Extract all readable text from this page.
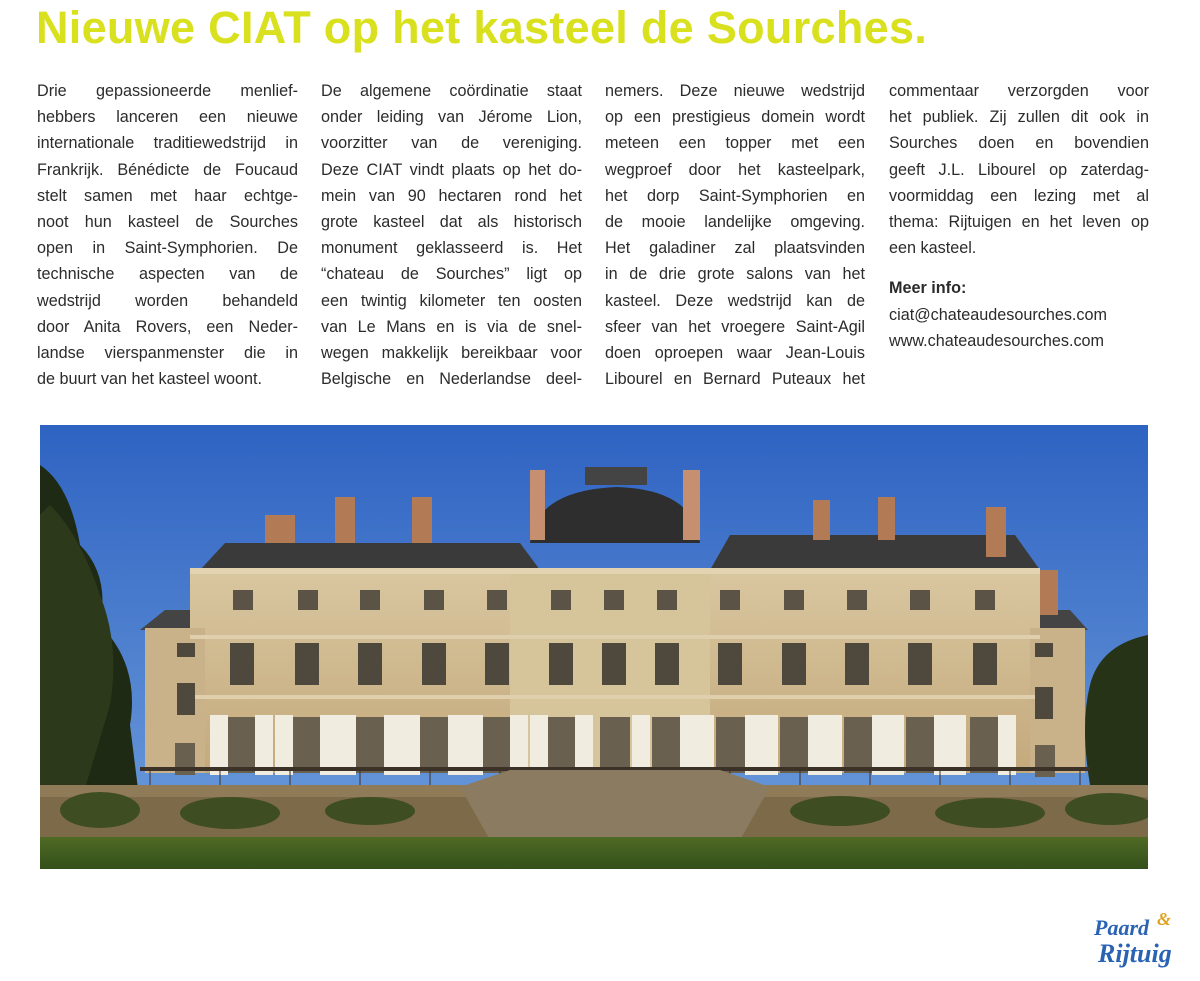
Nieuwe CIAT op het kasteel de Sourches.
Drie gepassioneerde menlief-
hebbers lanceren een nieuwe
internationale traditiewedstrijd in
Frankrijk. Bénédicte de Foucaud
stelt samen met haar echtge-
noot hun kasteel de Sourches
open in Saint-Symphorien. De
technische aspecten van de
wedstrijd worden behandeld
door Anita Rovers, een Neder-
landse vierspanmenster die in
de buurt van het kasteel woont.
De algemene coördinatie staat
onder leiding van Jérome Lion,
voorzitter van de vereniging.
Deze CIAT vindt plaats op het do-
mein van 90 hectaren rond het
grote kasteel dat als historisch
monument geklasseerd is. Het
“chateau de Sourches” ligt op
een twintig kilometer ten oosten
van Le Mans en is via de snel-
wegen makkelijk bereikbaar voor
Belgische en Nederlandse deel-
nemers. Deze nieuwe wedstrijd
op een prestigieus domein wordt
meteen een topper met een
wegproef door het kasteelpark,
het dorp Saint-Symphorien en
de mooie landelijke omgeving.
Het galadiner zal plaatsvinden
in de drie grote salons van het
kasteel. Deze wedstrijd kan de
sfeer van het vroegere Saint-Agil
doen oproepen waar Jean-Louis
Libourel en Bernard Puteaux het
commentaar verzorgden voor
het publiek. Zij zullen dit ook in
Sourches doen en bovendien
geeft J.L. Libourel op zaterdag-
voormiddag een lezing met al
thema: Rijtuigen en het leven op
een kasteel.
Meer info:
ciat@chateaudesourches.com
www.chateaudesourches.com
Paard &
Rijtuig
